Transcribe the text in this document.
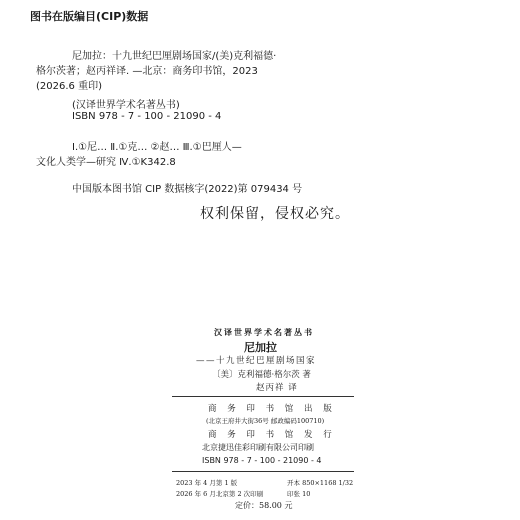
图书在版编目(CIP)数据
尼加拉：十九世纪巴厘剧场国家/(美)克利福德·
格尔茨著；赵丙祥译. —北京：商务印书馆，2023
(2026.6 重印)
(汉译世界学术名著丛书)
ISBN 978 - 7 - 100 - 21090 - 4
Ⅰ.①尼… Ⅱ.①克… ②赵… Ⅲ.①巴厘人—
文化人类学—研究 Ⅳ.①K342.8
中国版本图书馆 CIP 数据核字(2022)第 079434 号
权利保留，侵权必究。
汉译世界学术名著丛书
尼加拉
——十九世纪巴厘剧场国家
〔美〕克利福德·格尔茨 著
赵丙祥 译
商 务 印 书 馆 出 版
(北京王府井大街36号 邮政编码100710)
商 务 印 书 馆 发 行
北京捷迅佳彩印刷有限公司印刷
ISBN 978 - 7 - 100 - 21090 - 4
2023 年 4 月第 1 版	开本 850×1168 1/32
2026 年 6 月北京第 2 次印刷	印张 10
定价：58.00 元
